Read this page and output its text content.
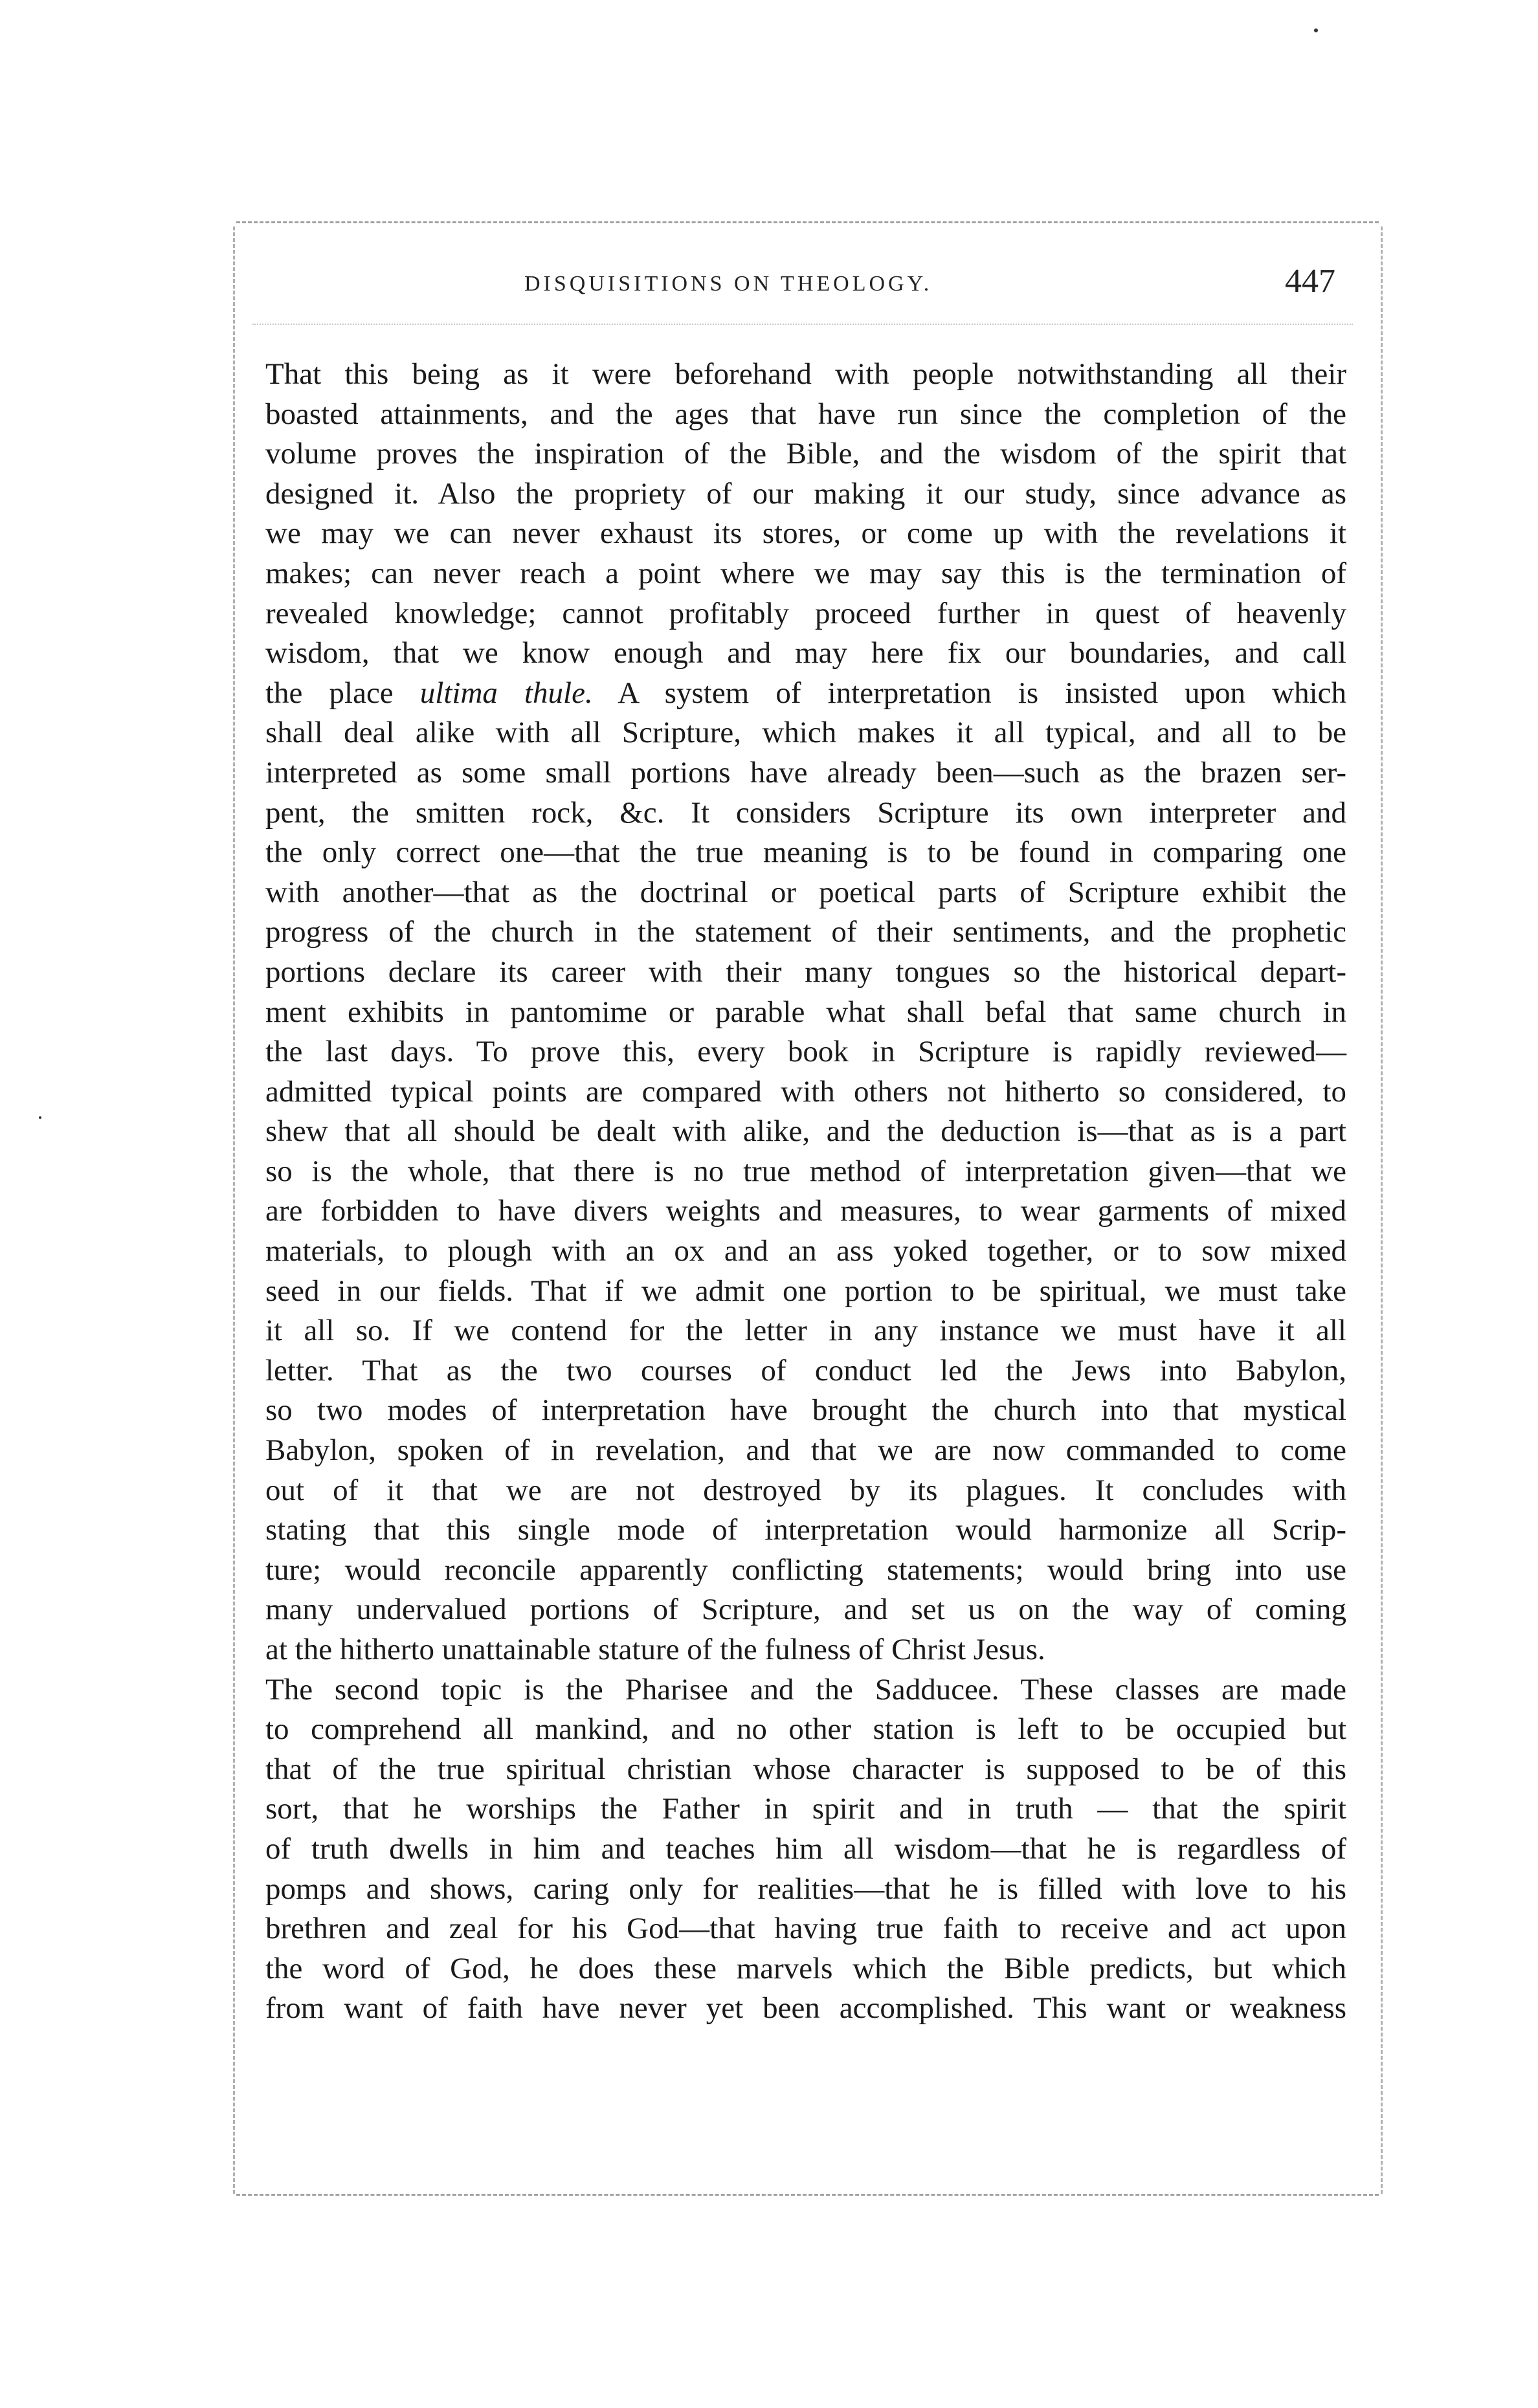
DISQUISITIONS ON THEOLOGY.	447
That this being as it were beforehand with people notwithstanding all their
boasted attainments, and the ages that have run since the completion of the
volume proves the inspiration of the Bible, and the wisdom of the spirit that
designed it. Also the propriety of our making it our study, since advance as
we may we can never exhaust its stores, or come up with the revelations it
makes; can never reach a point where we may say this is the termination of
revealed knowledge; cannot profitably proceed further in quest of heavenly
wisdom, that we know enough and may here fix our boundaries, and call
the place ultima thule. A system of interpretation is insisted upon which
shall deal alike with all Scripture, which makes it all typical, and all to be
interpreted as some small portions have already been—such as the brazen ser-
pent, the smitten rock, &c. It considers Scripture its own interpreter and
the only correct one—that the true meaning is to be found in comparing one
with another—that as the doctrinal or poetical parts of Scripture exhibit the
progress of the church in the statement of their sentiments, and the prophetic
portions declare its career with their many tongues so the historical depart-
ment exhibits in pantomime or parable what shall befal that same church in
the last days. To prove this, every book in Scripture is rapidly reviewed—
admitted typical points are compared with others not hitherto so considered, to
shew that all should be dealt with alike, and the deduction is—that as is a part
so is the whole, that there is no true method of interpretation given—that we
are forbidden to have divers weights and measures, to wear garments of mixed
materials, to plough with an ox and an ass yoked together, or to sow mixed
seed in our fields. That if we admit one portion to be spiritual, we must take
it all so. If we contend for the letter in any instance we must have it all
letter. That as the two courses of conduct led the Jews into Babylon,
so two modes of interpretation have brought the church into that mystical
Babylon, spoken of in revelation, and that we are now commanded to come
out of it that we are not destroyed by its plagues. It concludes with
stating that this single mode of interpretation would harmonize all Scrip-
ture; would reconcile apparently conflicting statements; would bring into use
many undervalued portions of Scripture, and set us on the way of coming
at the hitherto unattainable stature of the fulness of Christ Jesus.
The second topic is the Pharisee and the Sadducee. These classes are made
to comprehend all mankind, and no other station is left to be occupied but
that of the true spiritual christian whose character is supposed to be of this
sort, that he worships the Father in spirit and in truth — that the spirit
of truth dwells in him and teaches him all wisdom—that he is regardless of
pomps and shows, caring only for realities—that he is filled with love to his
brethren and zeal for his God—that having true faith to receive and act upon
the word of God, he does these marvels which the Bible predicts, but which
from want of faith have never yet been accomplished. This want or weakness
